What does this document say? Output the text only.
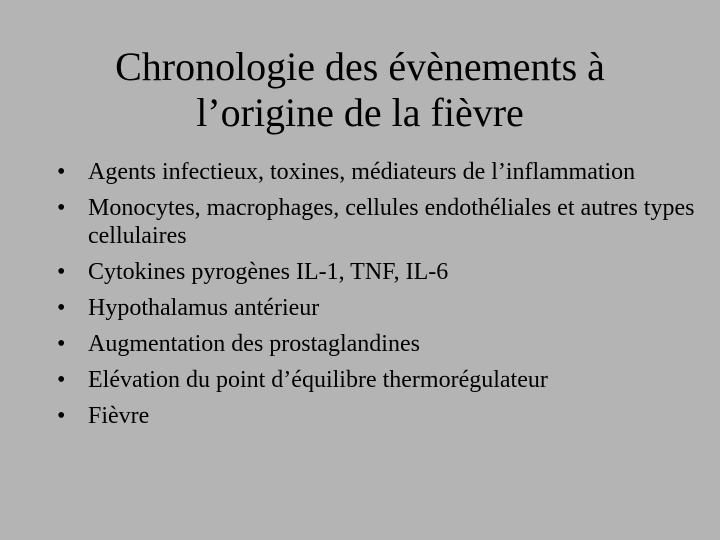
Chronologie des évènements à
l’origine de la fièvre
• Agents infectieux, toxines, médiateurs de l’inflammation
• Monocytes, macrophages, cellules endothéliales et autres types cellulaires
• Cytokines pyrogènes IL-1, TNF, IL-6
• Hypothalamus antérieur
• Augmentation des prostaglandines
• Elévation du point d’équilibre thermorégulateur
• Fièvre
